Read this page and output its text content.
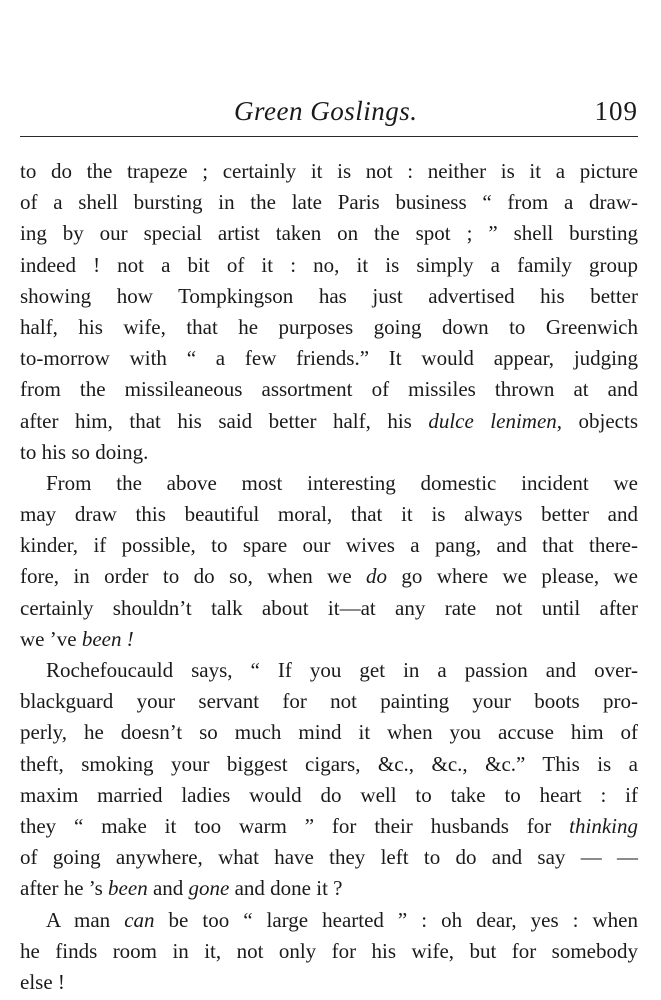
Green Goslings.	109
to do the trapeze ; certainly it is not : neither is it a picture
of a shell bursting in the late Paris business “ from a draw-
ing by our special artist taken on the spot ; ” shell bursting
indeed ! not a bit of it : no, it is simply a family group
showing how Tompkingson has just advertised his better
half, his wife, that he purposes going down to Greenwich
to-morrow with “ a few friends.” It would appear, judging
from the missileaneous assortment of missiles thrown at and
after him, that his said better half, his dulce lenimen, objects
to his so doing.
From the above most interesting domestic incident we
may draw this beautiful moral, that it is always better and
kinder, if possible, to spare our wives a pang, and that there-
fore, in order to do so, when we do go where we please, we
certainly shouldn’t talk about it—at any rate not until after
we ’ve been !
Rochefoucauld says, “ If you get in a passion and over-
blackguard your servant for not painting your boots pro-
perly, he doesn’t so much mind it when you accuse him of
theft, smoking your biggest cigars, &c., &c., &c.” This is a
maxim married ladies would do well to take to heart : if
they “ make it too warm ” for their husbands for thinking
of going anywhere, what have they left to do and say — —
after he ’s been and gone and done it ?
A man can be too “ large hearted ” : oh dear, yes : when
he finds room in it, not only for his wife, but for somebody
else !
